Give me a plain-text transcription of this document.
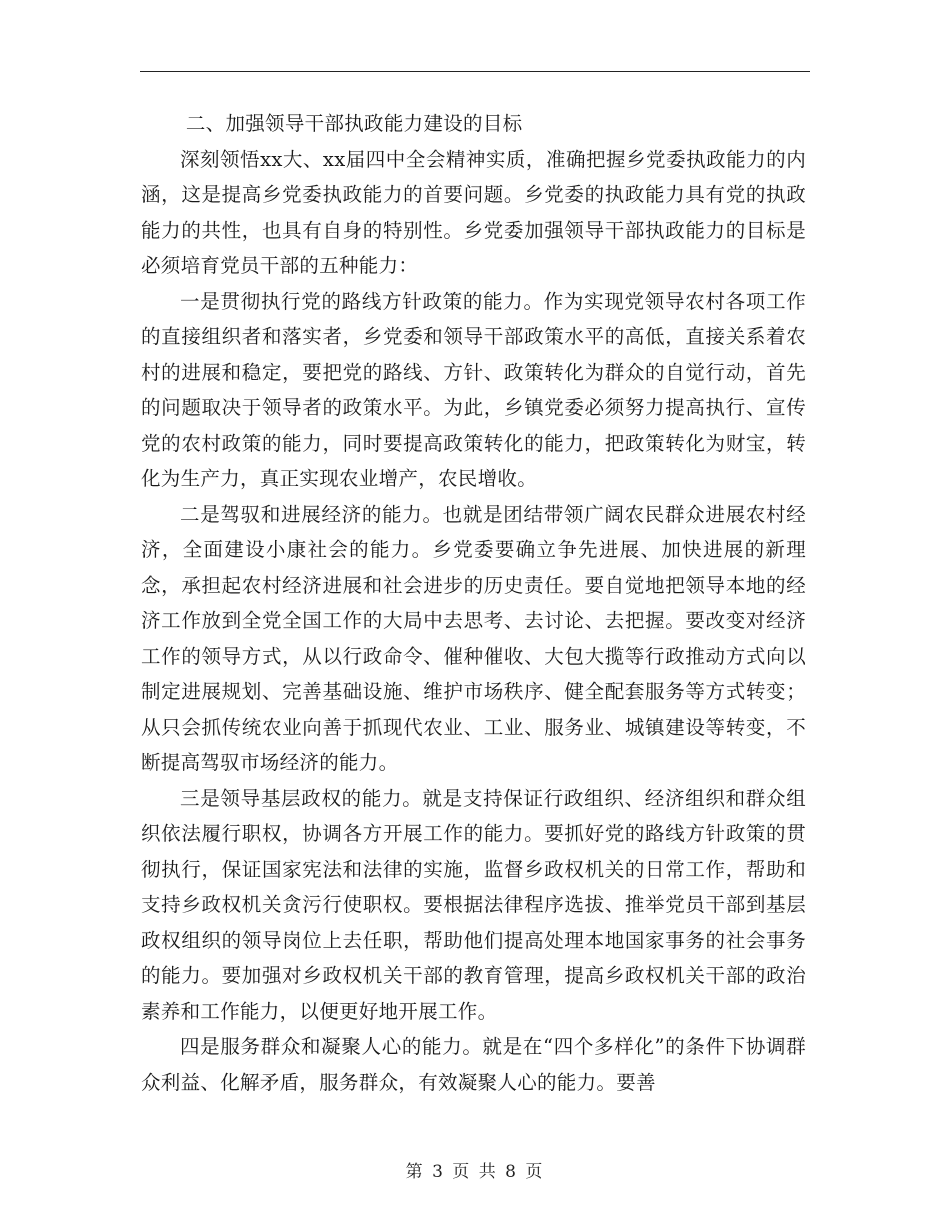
二、加强领导干部执政能力建设的目标

深刻领悟xx大、xx届四中全会精神实质，准确把握乡党委执政能力的内涵，这是提高乡党委执政能力的首要问题。乡党委的执政能力具有党的执政能力的共性，也具有自身的特别性。乡党委加强领导干部执政能力的目标是必须培育党员干部的五种能力：

一是贯彻执行党的路线方针政策的能力。作为实现党领导农村各项工作的直接组织者和落实者，乡党委和领导干部政策水平的高低，直接关系着农村的进展和稳定，要把党的路线、方针、政策转化为群众的自觉行动，首先的问题取决于领导者的政策水平。为此，乡镇党委必须努力提高执行、宣传党的农村政策的能力，同时要提高政策转化的能力，把政策转化为财宝，转化为生产力，真正实现农业增产，农民增收。

二是驾驭和进展经济的能力。也就是团结带领广阔农民群众进展农村经济，全面建设小康社会的能力。乡党委要确立争先进展、加快进展的新理念，承担起农村经济进展和社会进步的历史责任。要自觉地把领导本地的经济工作放到全党全国工作的大局中去思考、去讨论、去把握。要改变对经济工作的领导方式，从以行政命令、催种催收、大包大揽等行政推动方式向以制定进展规划、完善基础设施、维护市场秩序、健全配套服务等方式转变；从只会抓传统农业向善于抓现代农业、工业、服务业、城镇建设等转变，不断提高驾驭市场经济的能力。

三是领导基层政权的能力。就是支持保证行政组织、经济组织和群众组织依法履行职权，协调各方开展工作的能力。要抓好党的路线方针政策的贯彻执行，保证国家宪法和法律的实施，监督乡政权机关的日常工作，帮助和支持乡政权机关贪污行使职权。要根据法律程序选拔、推举党员干部到基层政权组织的领导岗位上去任职，帮助他们提高处理本地国家事务的社会事务的能力。要加强对乡政权机关干部的教育管理，提高乡政权机关干部的政治素养和工作能力，以便更好地开展工作。

四是服务群众和凝聚人心的能力。就是在“四个多样化”的条件下协调群众利益、化解矛盾，服务群众，有效凝聚人心的能力。要善

第 3 页 共 8 页
